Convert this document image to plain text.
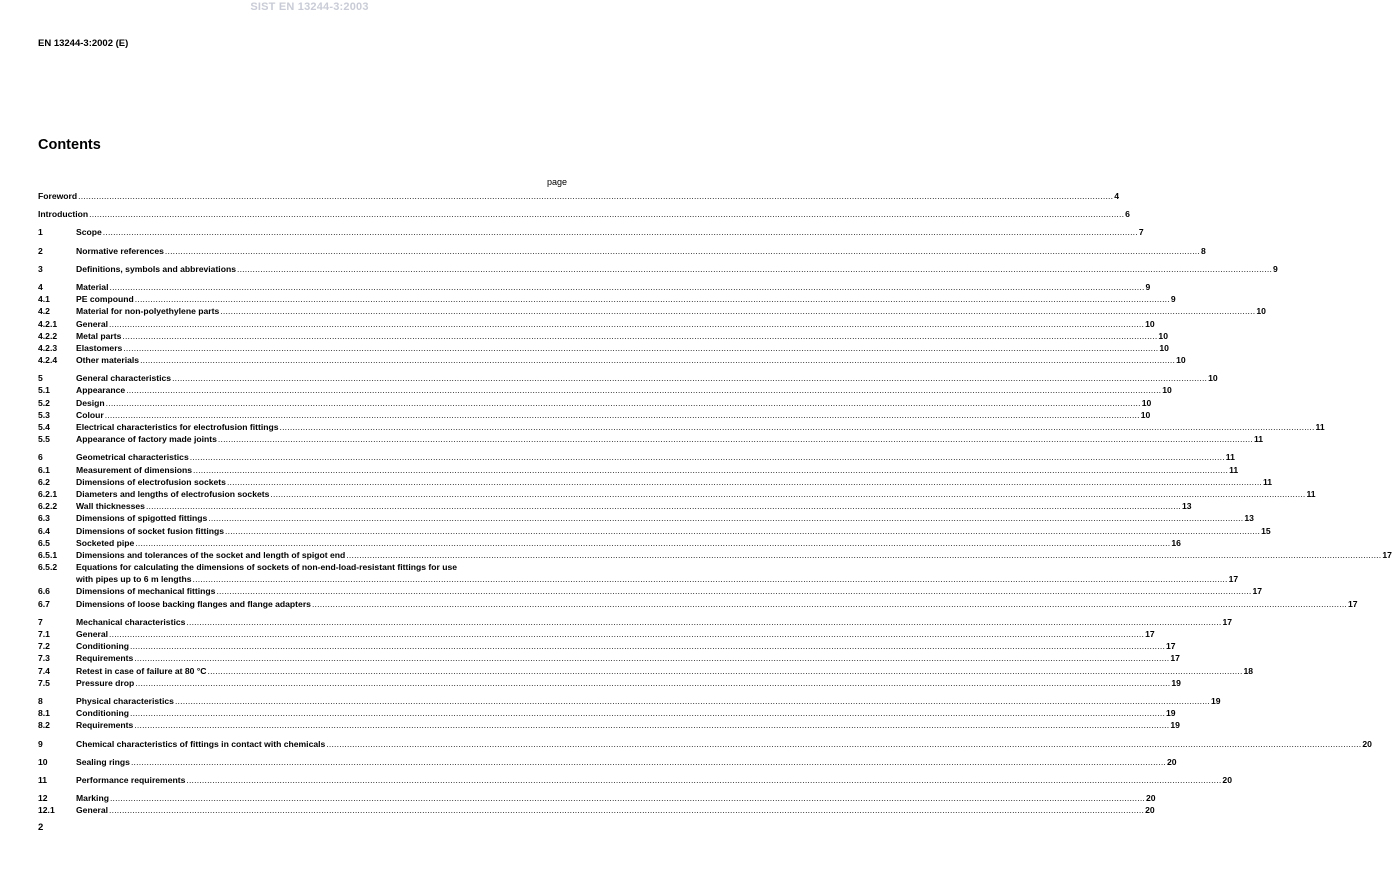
SIST EN 13244-3:2003
EN 13244-3:2002 (E)
Contents
page
Foreword ................................................................................................................................................................................................................................................................................................................................................................................................................ 4
Introduction ................................................................................................................................................................................................................................................................................................................................................................................................................ 6
1	Scope ................................................................................................................................................................................................................................................................................................................................................................................................................ 7
2	Normative references ................................................................................................................................................................................................................................................................................................................................................................................................................ 8
3	Definitions, symbols and abbreviations ................................................................................................................................................................................................................................................................................................................................................................................................................ 9
4	Material ................................................................................................................................................................................................................................................................................................................................................................................................................ 9
4.1	PE compound ................................................................................................................................................................................................................................................................................................................................................................................................................ 9
4.2	Material for non-polyethylene parts ................................................................................................................................................................................................................................................................................................................................................................................................................ 10
4.2.1	General ................................................................................................................................................................................................................................................................................................................................................................................................................ 10
4.2.2	Metal parts ................................................................................................................................................................................................................................................................................................................................................................................................................ 10
4.2.3	Elastomers ................................................................................................................................................................................................................................................................................................................................................................................................................ 10
4.2.4	Other materials ................................................................................................................................................................................................................................................................................................................................................................................................................ 10
5	General characteristics ................................................................................................................................................................................................................................................................................................................................................................................................................ 10
5.1	Appearance ................................................................................................................................................................................................................................................................................................................................................................................................................ 10
5.2	Design ................................................................................................................................................................................................................................................................................................................................................................................................................ 10
5.3	Colour ................................................................................................................................................................................................................................................................................................................................................................................................................ 10
5.4	Electrical characteristics for electrofusion fittings ................................................................................................................................................................................................................................................................................................................................................................................................................ 11
5.5	Appearance of factory made joints ................................................................................................................................................................................................................................................................................................................................................................................................................ 11
6	Geometrical characteristics ................................................................................................................................................................................................................................................................................................................................................................................................................ 11
6.1	Measurement of dimensions ................................................................................................................................................................................................................................................................................................................................................................................................................ 11
6.2	Dimensions of electrofusion sockets ................................................................................................................................................................................................................................................................................................................................................................................................................ 11
6.2.1	Diameters and lengths of electrofusion sockets ................................................................................................................................................................................................................................................................................................................................................................................................................ 11
6.2.2	Wall thicknesses ................................................................................................................................................................................................................................................................................................................................................................................................................ 13
6.3	Dimensions of spigotted fittings ................................................................................................................................................................................................................................................................................................................................................................................................................ 13
6.4	Dimensions of socket fusion fittings ................................................................................................................................................................................................................................................................................................................................................................................................................ 15
6.5	Socketed pipe ................................................................................................................................................................................................................................................................................................................................................................................................................ 16
6.5.1	Dimensions and tolerances of the socket and length of spigot end ................................................................................................................................................................................................................................................................................................................................................................................................................ 17
6.5.2	Equations for calculating the dimensions of sockets of non-end-load-resistant fittings for use
with pipes up to 6 m lengths ................................................................................................................................................................................................................................................................................................................................................................................................................ 17
6.6	Dimensions of mechanical fittings ................................................................................................................................................................................................................................................................................................................................................................................................................ 17
6.7	Dimensions of loose backing flanges and flange adapters ................................................................................................................................................................................................................................................................................................................................................................................................................ 17
7	Mechanical characteristics ................................................................................................................................................................................................................................................................................................................................................................................................................ 17
7.1	General ................................................................................................................................................................................................................................................................................................................................................................................................................ 17
7.2	Conditioning ................................................................................................................................................................................................................................................................................................................................................................................................................ 17
7.3	Requirements ................................................................................................................................................................................................................................................................................................................................................................................................................ 17
7.4	Retest in case of failure at 80 °C ................................................................................................................................................................................................................................................................................................................................................................................................................ 18
7.5	Pressure drop ................................................................................................................................................................................................................................................................................................................................................................................................................ 19
8	Physical characteristics ................................................................................................................................................................................................................................................................................................................................................................................................................ 19
8.1	Conditioning ................................................................................................................................................................................................................................................................................................................................................................................................................ 19
8.2	Requirements ................................................................................................................................................................................................................................................................................................................................................................................................................ 19
9	Chemical characteristics of fittings in contact with chemicals ................................................................................................................................................................................................................................................................................................................................................................................................................ 20
10	Sealing rings ................................................................................................................................................................................................................................................................................................................................................................................................................ 20
11	Performance requirements ................................................................................................................................................................................................................................................................................................................................................................................................................ 20
12	Marking ................................................................................................................................................................................................................................................................................................................................................................................................................ 20
12.1	General ................................................................................................................................................................................................................................................................................................................................................................................................................ 20
2
